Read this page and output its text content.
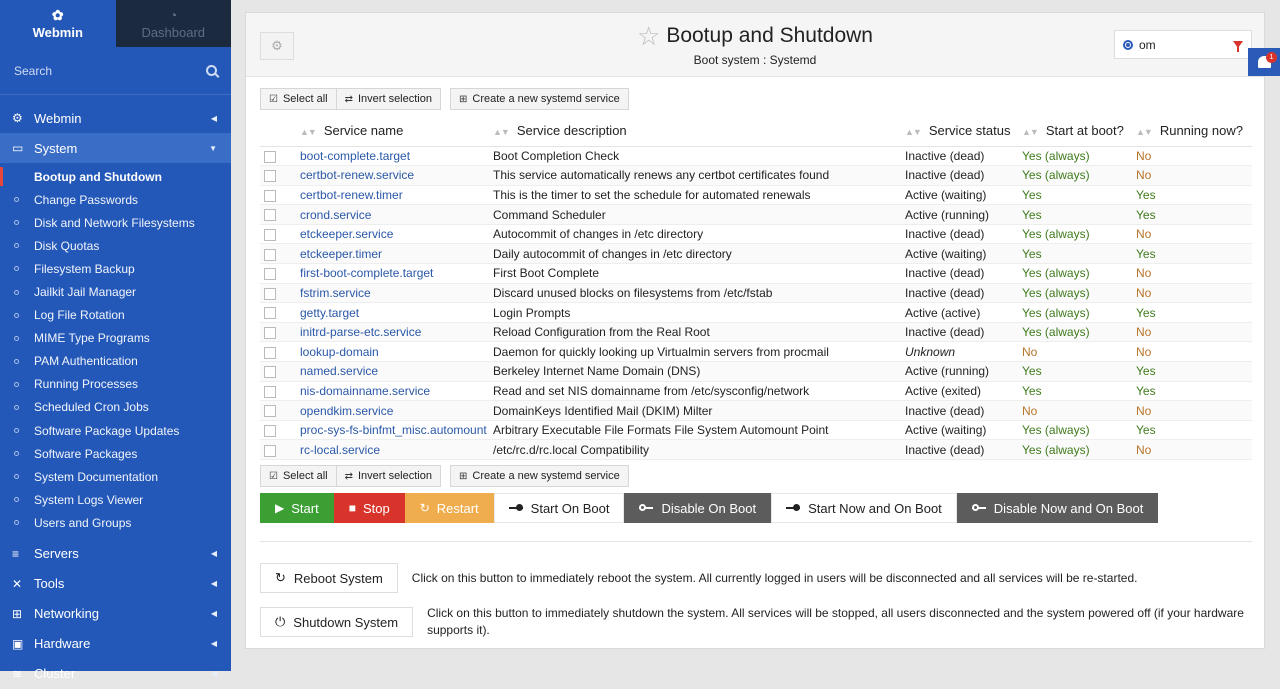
✿
Webmin
◔
Dashboard
Search
⚙ Webmin	◀
▭ System	▼
Bootup and Shutdown
Change Passwords
Disk and Network Filesystems
Disk Quotas
Filesystem Backup
Jailkit Jail Manager
Log File Rotation
MIME Type Programs
PAM Authentication
Running Processes
Scheduled Cron Jobs
Software Package Updates
Software Packages
System Documentation
System Logs Viewer
Users and Groups
≡	Servers	◀
✕ Tools	◀
⊞ Networking	◀
▣ Hardware	◀
≋ Cluster	◀
⚙	☆ Bootup and Shutdown
Boot system : Systemd
om
☑ Select all ⇄ Invert selection	⊞ Create a new systemd service
	▲▼ Service name	▲▼ Service description	▲▼ Service status	▲▼ Start at boot?	▲▼ Running now?
	boot-complete.target	Boot Completion Check	Inactive (dead)	Yes (always)	No
	certbot-renew.service	This service automatically renews any certbot certificates found	Inactive (dead)	Yes (always)	No
	certbot-renew.timer	This is the timer to set the schedule for automated renewals	Active (waiting)	Yes	Yes
	crond.service	Command Scheduler	Active (running)	Yes	Yes
	etckeeper.service	Autocommit of changes in /etc directory	Inactive (dead)	Yes (always)	No
	etckeeper.timer	Daily autocommit of changes in /etc directory	Active (waiting)	Yes	Yes
	first-boot-complete.target	First Boot Complete	Inactive (dead)	Yes (always)	No
	fstrim.service	Discard unused blocks on filesystems from /etc/fstab	Inactive (dead)	Yes (always)	No
	getty.target	Login Prompts	Active (active)	Yes (always)	Yes
	initrd-parse-etc.service	Reload Configuration from the Real Root	Inactive (dead)	Yes (always)	No
	lookup-domain	Daemon for quickly looking up Virtualmin servers from procmail	Unknown	No	No
	named.service	Berkeley Internet Name Domain (DNS)	Active (running)	Yes	Yes
	nis-domainname.service	Read and set NIS domainname from /etc/sysconfig/network	Active (exited)	Yes	Yes
	opendkim.service	DomainKeys Identified Mail (DKIM) Milter	Inactive (dead)	No	No
	proc-sys-fs-binfmt_misc.automount	Arbitrary Executable File Formats File System Automount Point	Active (waiting)	Yes (always)	Yes
	rc-local.service	/etc/rc.d/rc.local Compatibility	Inactive (dead)	Yes (always)	No
☑ Select all ⇄ Invert selection	⊞ Create a new systemd service
▶ Start	■ Stop	↻ Restart	Start On Boot	Disable On Boot	Start Now and On Boot	Disable Now and On Boot
↻ Reboot System Click on this button to immediately reboot the system. All currently logged in users will be disconnected and all services will be re-started.
⏻ Shutdown System
Click on this button to immediately shutdown the system. All services will be stopped, all users disconnected and the system powered off (if your hardware supports it).
1
